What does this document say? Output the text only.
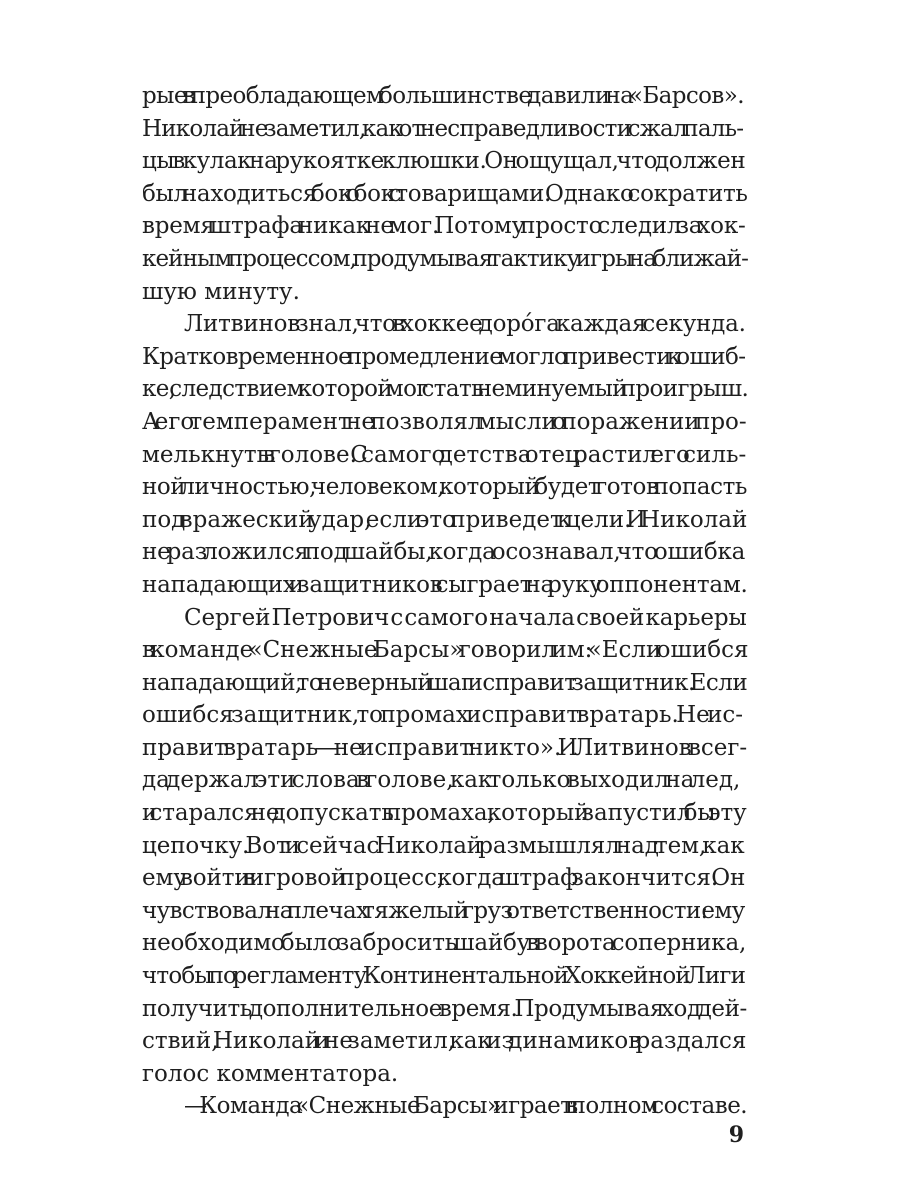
рые в преобладающем большинстве давили на «Барсов».
Николай не заметил, как от несправедливости сжал паль-
цы в кулак на рукоятке клюшки. Он ощущал, что должен
был находиться бок о бок с товарищами. Однако сократить
время штрафа никак не мог. Потому просто следил за хок-
кейным процессом, продумывая тактику игры на ближай-
шую минуту.
Литвинов знал, что в хоккее доро́га каждая секунда.
Кратковременное промедление могло привести к ошиб-
ке, следствием которой мог стать неминуемый проигрыш.
А его темперамент не позволял мысли о поражении про-
мелькнуть в голове. С самого детства отец растил его силь-
ной личностью, человеком, который будет готов попасть
под вражеский удар, если это приведет к цели. И Николай
не раз ложился под шайбы, когда осознавал, что ошибка
нападающих и защитников сыграет на руку оппонентам.
Сергей Петрович с самого начала своей карьеры
в команде «Снежные Барсы» говорил им: «Если ошибся
нападающий, то неверный шаг исправит защитник. Если
ошибся защитник, то промах исправит вратарь. Не ис-
правит вратарь — не исправит никто». И Литвинов всег-
да держал эти слова в голове, как только выходил на лед,
и старался не допускать промаха, который запустил бы эту
цепочку. Вот и сейчас Николай размышлял над тем, как
ему войти в игровой процесс, когда штраф закончится. Он
чувствовал на плечах тяжелый груз ответственности: ему
необходимо было забросить шайбу в ворота соперника,
чтобы по регламенту Континентальной Хоккейной Лиги
получить дополнительное время. Продумывая ход дей-
ствий, Николай и не заметил, как из динамиков раздался
голос комментатора.
— Команда «Снежные Барсы» играет в полном составе.
9
